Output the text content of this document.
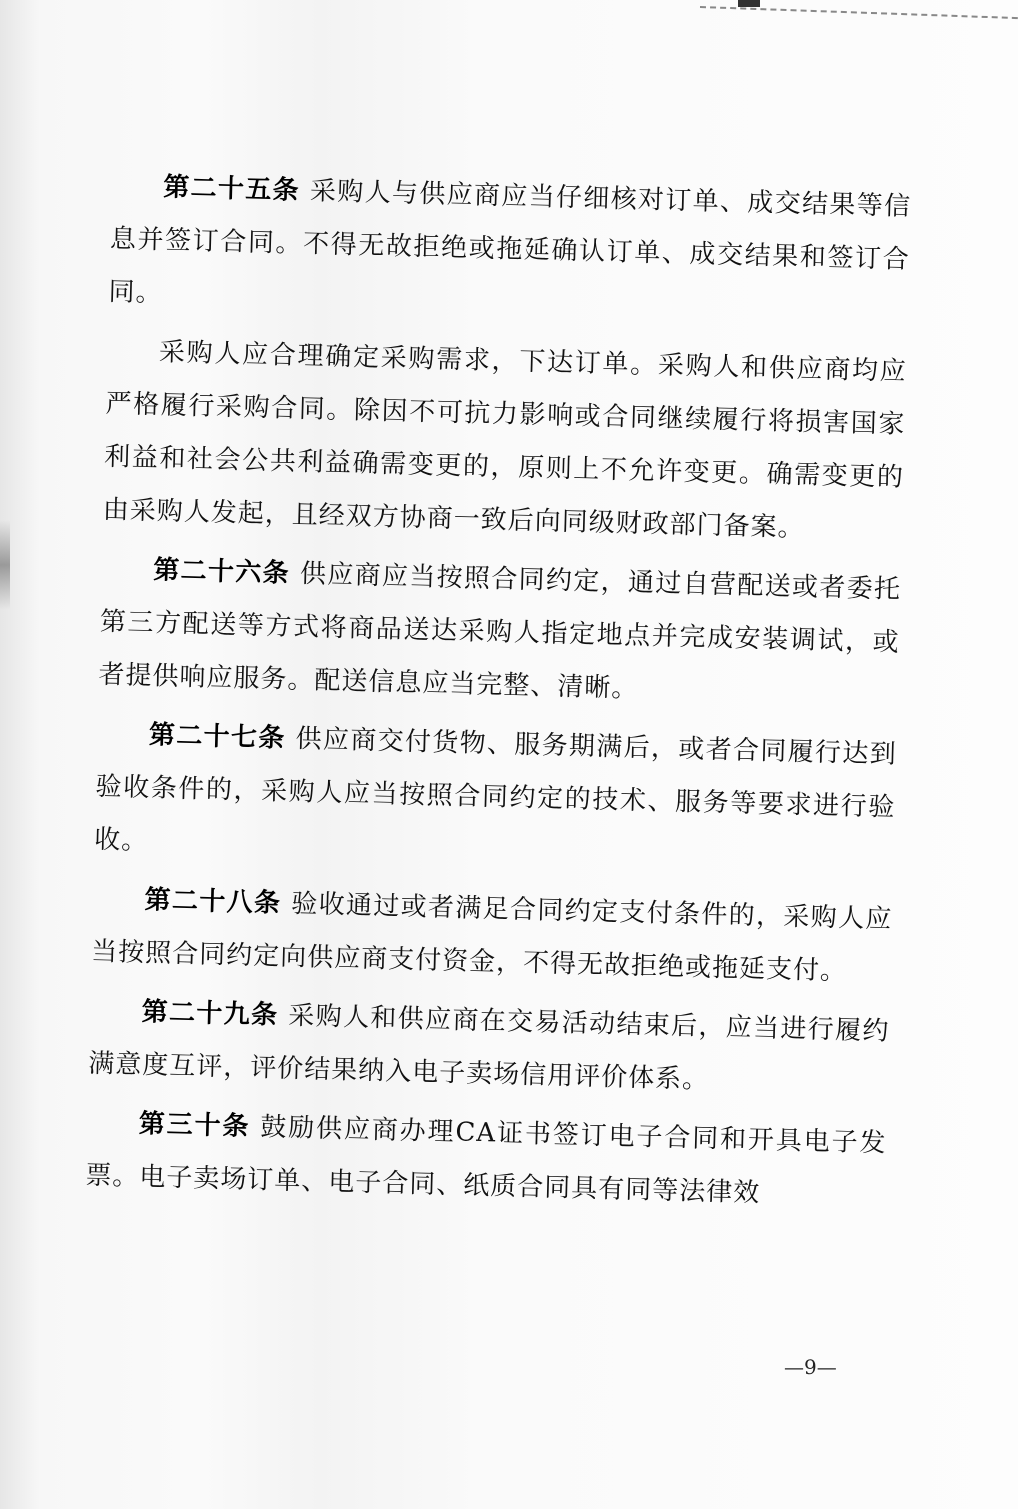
第二十五条 采购人与供应商应当仔细核对订单、成交结果等信息并签订合同。不得无故拒绝或拖延确认订单、成交结果和签订合同。

采购人应合理确定采购需求，下达订单。采购人和供应商均应严格履行采购合同。除因不可抗力影响或合同继续履行将损害国家利益和社会公共利益确需变更的，原则上不允许变更。确需变更的由采购人发起，且经双方协商一致后向同级财政部门备案。

第二十六条 供应商应当按照合同约定，通过自营配送或者委托第三方配送等方式将商品送达采购人指定地点并完成安装调试，或者提供响应服务。配送信息应当完整、清晰。

第二十七条 供应商交付货物、服务期满后，或者合同履行达到验收条件的，采购人应当按照合同约定的技术、服务等要求进行验收。

第二十八条 验收通过或者满足合同约定支付条件的，采购人应当按照合同约定向供应商支付资金，不得无故拒绝或拖延支付。

第二十九条 采购人和供应商在交易活动结束后，应当进行履约满意度互评，评价结果纳入电子卖场信用评价体系。

第三十条 鼓励供应商办理CA证书签订电子合同和开具电子发票。电子卖场订单、电子合同、纸质合同具有同等法律效

—9—
